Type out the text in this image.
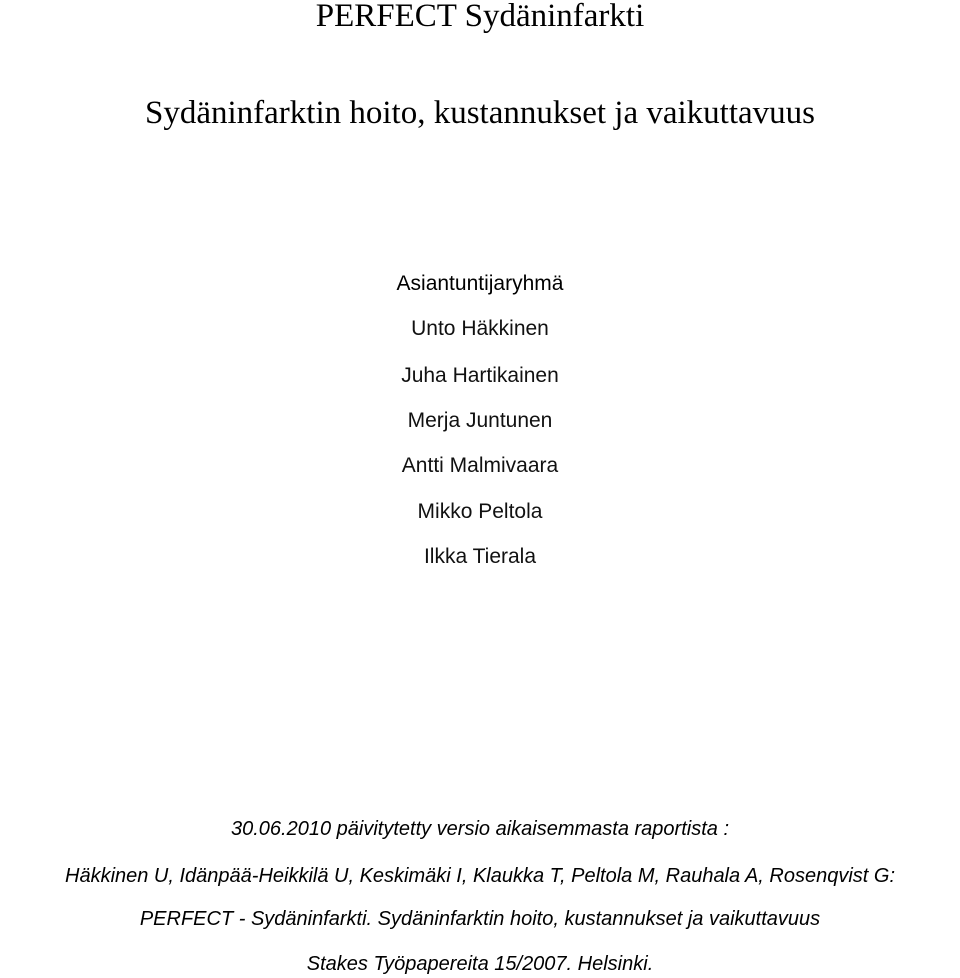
PERFECT Sydäninfarkti
Sydäninfarktin hoito, kustannukset ja vaikuttavuus
Asiantuntijaryhmä
Unto Häkkinen
Juha Hartikainen
Merja Juntunen
Antti Malmivaara
Mikko Peltola
Ilkka Tierala
30.06.2010 päivitytetty versio aikaisemmasta raportista :
Häkkinen U, Idänpää-Heikkilä U, Keskimäki I, Klaukka T, Peltola M, Rauhala A, Rosenqvist G:
PERFECT - Sydäninfarkti. Sydäninfarktin hoito, kustannukset ja vaikuttavuus
Stakes Työpapereita 15/2007. Helsinki.
